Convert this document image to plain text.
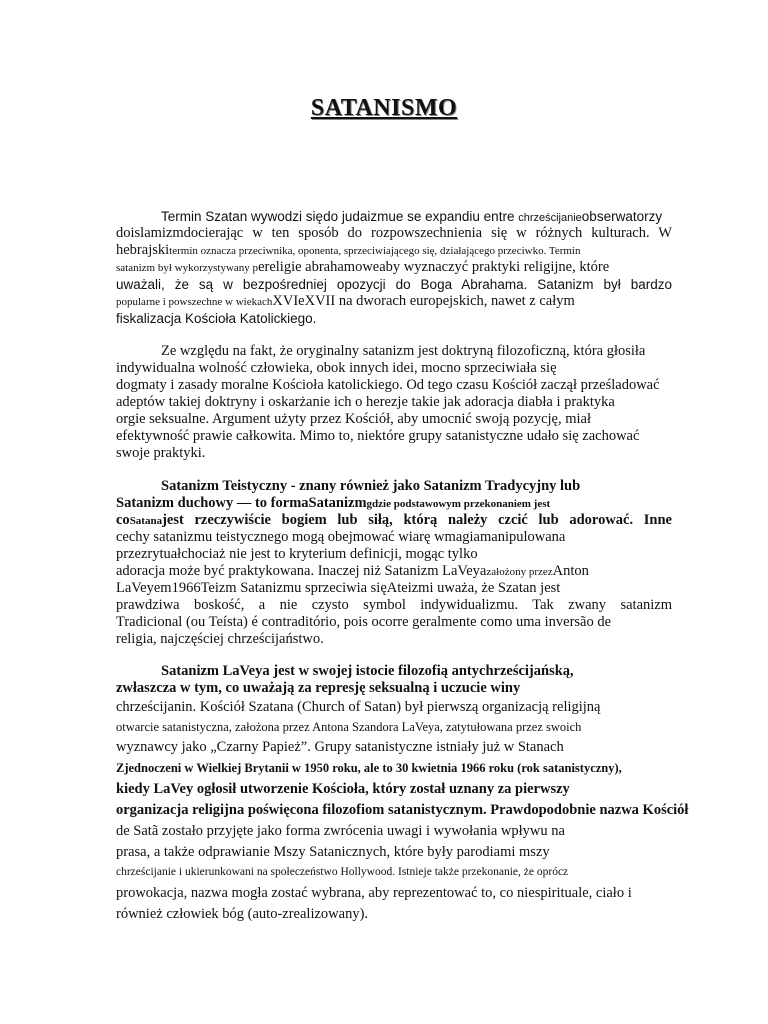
SATANISMO
Termin Szatan wywodzi siędo judaizmue se expandiu entre chrześcijanieobserwatorzy
doislamizmdocierając w ten sposób do rozpowszechnienia się w różnych kulturach. W
hebrajskitermin oznacza przeciwnika, oponenta, sprzeciwiającego się, działającego przeciwko. Termin
satanizm był wykorzystywany pereligie abrahamoweaby wyznaczyć praktyki religijne, które
uważali, że są w bezpośredniej opozycji do Boga Abrahama. Satanizm był bardzo
popularne i powszechne w wiekachXVIeXVII na dworach europejskich, nawet z całym
fiskalizacja Kościoła Katolickiego.
Ze względu na fakt, że oryginalny satanizm jest doktryną filozoficzną, która głosiła
indywidualna wolność człowieka, obok innych idei, mocno sprzeciwiała się
dogmaty i zasady moralne Kościoła katolickiego. Od tego czasu Kościół zaczął prześladować
adeptów takiej doktryny i oskarżanie ich o herezje takie jak adoracja diabła i praktyka
orgie seksualne. Argument użyty przez Kościół, aby umocnić swoją pozycję, miał
efektywność prawie całkowita. Mimo to, niektóre grupy satanistyczne udało się zachować
swoje praktyki.
Satanizm Teistyczny - znany również jako Satanizm Tradycyjny lub
Satanizm duchowy — to formaSatanizmgdzie podstawowym przekonaniem jest
coSatanajest rzeczywiście bogiem lub siłą, którą należy czcić lub adorować. Inne
cechy satanizmu teistycznego mogą obejmować wiarę wmagiamanipulowana
przezrytuałchociaż nie jest to kryterium definicji, mogąc tylko
adoracja może być praktykowana. Inaczej niż Satanizm LaVeyazałożony przezAnton
LaVeyem1966Teizm Satanizmu sprzeciwia sięAteizmi uważa, że Szatan jest
prawdziwa boskość, a nie czysto symbol indywidualizmu. Tak zwany satanizm
Tradicional (ou Teísta) é contraditório, pois ocorre geralmente como uma inversão de
religia, najczęściej chrześcijaństwo.
Satanizm LaVeya jest w swojej istocie filozofią antychrześcijańską,
zwłaszcza w tym, co uważają za represję seksualną i uczucie winy
chrześcijanin. Kościół Szatana (Church of Satan) był pierwszą organizacją religijną
otwarcie satanistyczna, założona przez Antona Szandora LaVeya, zatytułowana przez swoich
wyznawcy jako „Czarny Papież”. Grupy satanistyczne istniały już w Stanach
Zjednoczeni w Wielkiej Brytanii w 1950 roku, ale to 30 kwietnia 1966 roku (rok satanistyczny),
kiedy LaVey ogłosił utworzenie Kościoła, który został uznany za pierwszy
organizacja religijna poświęcona filozofiom satanistycznym. Prawdopodobnie nazwa Kościół
de Satã zostało przyjęte jako forma zwrócenia uwagi i wywołania wpływu na
prasa, a także odprawianie Mszy Satanicznych, które były parodiami mszy
chrześcijanie i ukierunkowani na społeczeństwo Hollywood. Istnieje także przekonanie, że oprócz
prowokacja, nazwa mogła zostać wybrana, aby reprezentować to, co niespirituale, ciało i
również człowiek bóg (auto-zrealizowany).
